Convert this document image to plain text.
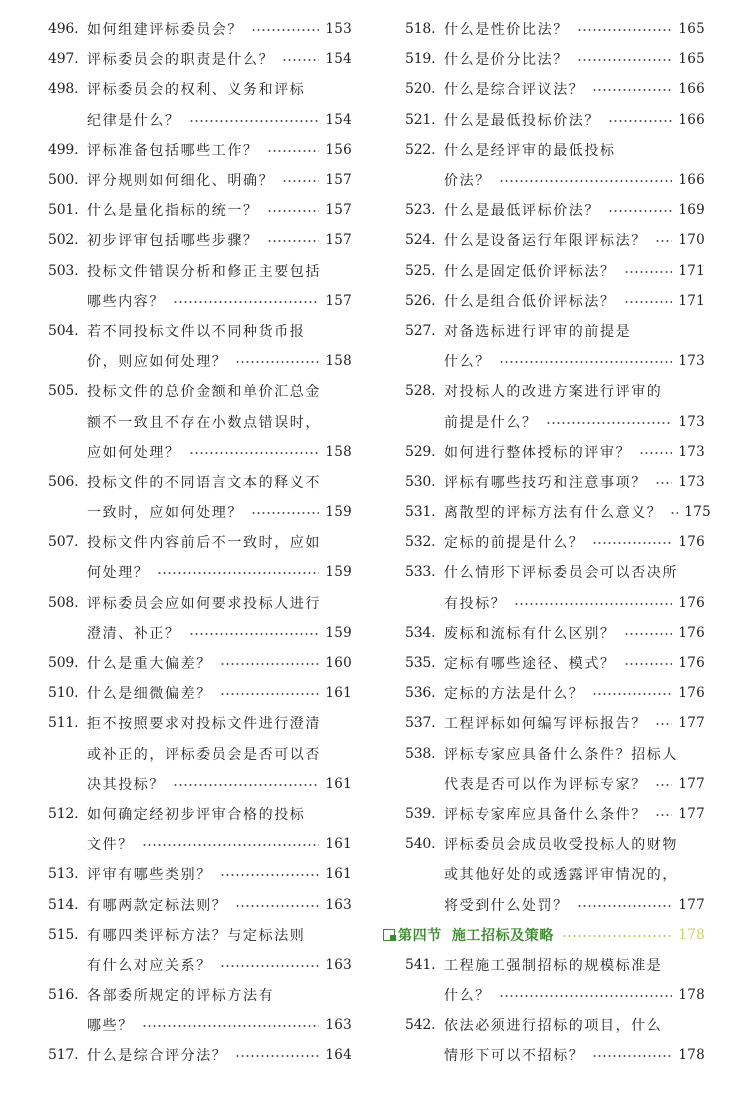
496. 如何组建评标委员会？	153
497. 评标委员会的职责是什么？	154
498. 评标委员会的权利、义务和评标
纪律是什么？	154
499. 评标准备包括哪些工作？	156
500. 评分规则如何细化、明确？	157
501. 什么是量化指标的统一？	157
502. 初步评审包括哪些步骤？	157
503. 投标文件错误分析和修正主要包括
哪些内容？	157
504. 若不同投标文件以不同种货币报
价，则应如何处理？	158
505. 投标文件的总价金额和单价汇总金
额不一致且不存在小数点错误时，
应如何处理？	158
506. 投标文件的不同语言文本的释义不
一致时，应如何处理？	159
507. 投标文件内容前后不一致时，应如
何处理？	159
508. 评标委员会应如何要求投标人进行
澄清、补正？	159
509. 什么是重大偏差？	160
510. 什么是细微偏差？	161
511. 拒不按照要求对投标文件进行澄清
或补正的，评标委员会是否可以否
决其投标？	161
512. 如何确定经初步评审合格的投标
文件？	161
513. 评审有哪些类别？	161
514. 有哪两款定标法则？	163
515. 有哪四类评标方法？与定标法则
有什么对应关系？	163
516. 各部委所规定的评标方法有
哪些？	163
517. 什么是综合评分法？	164
518. 什么是性价比法？	165
519. 什么是价分比法？	165
520. 什么是综合评议法？	166
521. 什么是最低投标价法？	166
522. 什么是经评审的最低投标
价法？	166
523. 什么是最低评标价法？	169
524. 什么是设备运行年限评标法？ 170
525. 什么是固定低价评标法？	171
526. 什么是组合低价评标法？	171
527. 对备选标进行评审的前提是
什么？	173
528. 对投标人的改进方案进行评审的
前提是什么？	173
529. 如何进行整体授标的评审？	173
530. 评标有哪些技巧和注意事项？ 173
531. 离散型的评标方法有什么意义？ 175
532. 定标的前提是什么？	176
533. 什么情形下评标委员会可以否决所
有投标？	176
534. 废标和流标有什么区别？	176
535. 定标有哪些途径、模式？	176
536. 定标的方法是什么？	176
537. 工程评标如何编写评标报告？ 177
538. 评标专家应具备什么条件？招标人
代表是否可以作为评标专家？ 177
539. 评标专家库应具备什么条件？ 177
540. 评标委员会成员收受投标人的财物
或其他好处的或透露评审情况的，
将受到什么处罚？	177
第四节 施工招标及策略	178
541. 工程施工强制招标的规模标准是
什么？	178
542. 依法必须进行招标的项目，什么
情形下可以不招标？	178
